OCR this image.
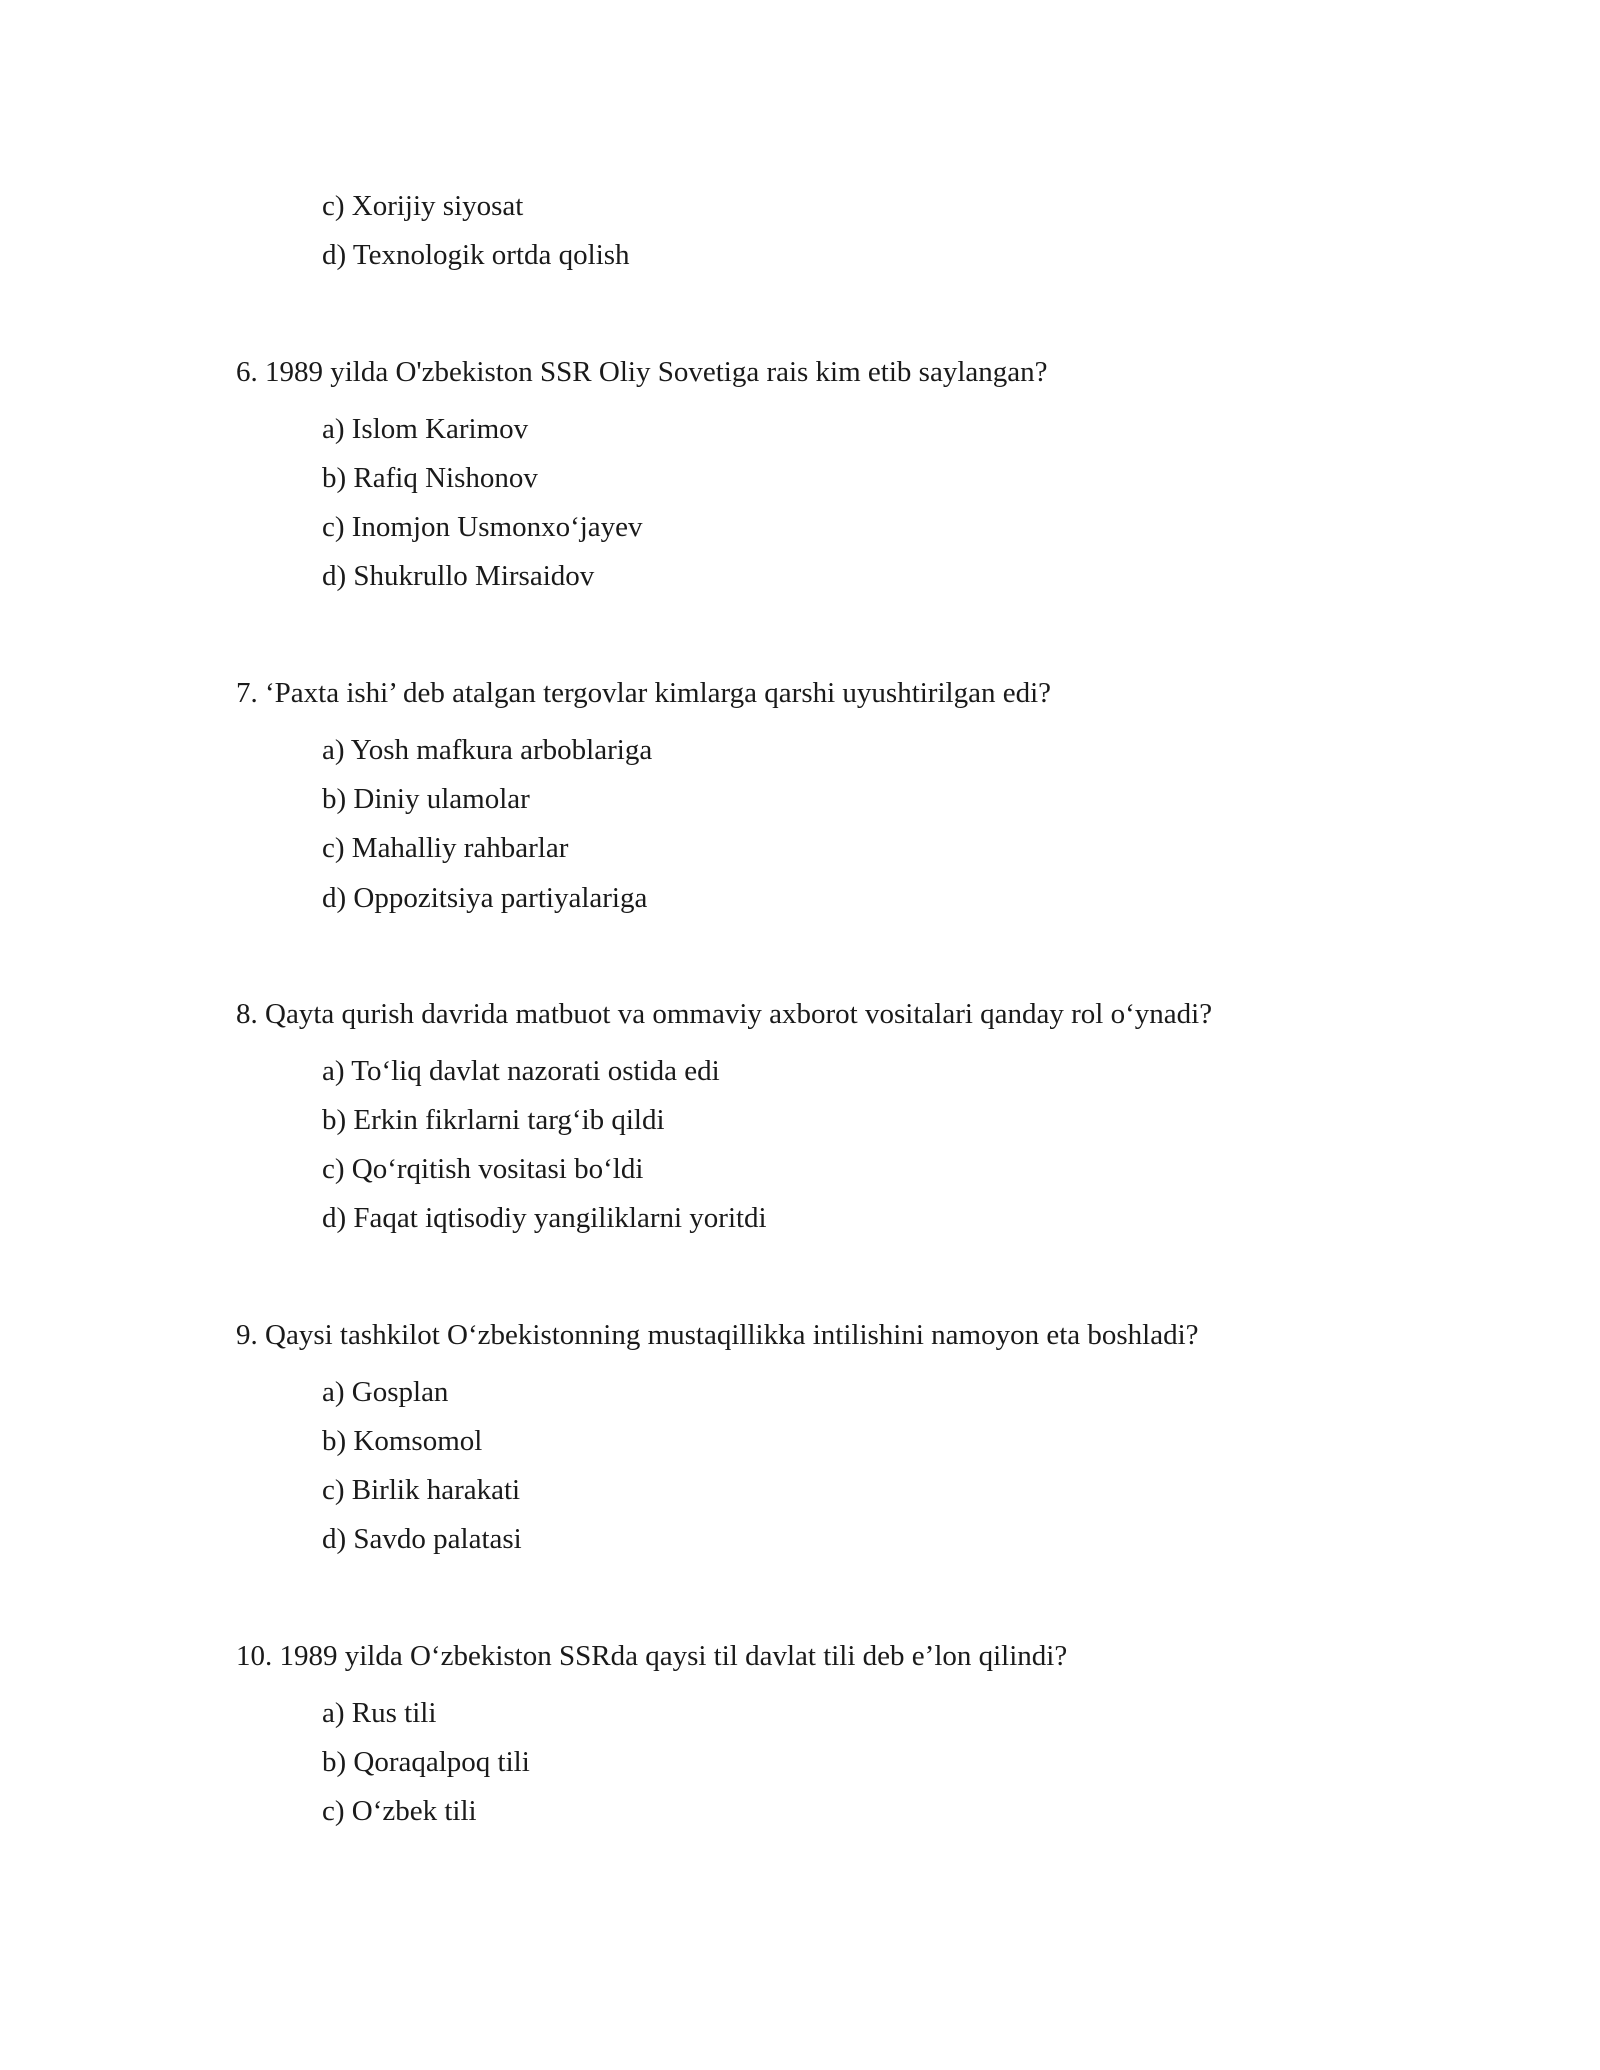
c) Xorijiy siyosat
d) Texnologik ortda qolish
6. 1989 yilda O'zbekiston SSR Oliy Sovetiga rais kim etib saylangan?
a) Islom Karimov
b) Rafiq Nishonov
c) Inomjon Usmonxo‘jayev
d) Shukrullo Mirsaidov
7. ‘Paxta ishi’ deb atalgan tergovlar kimlarga qarshi uyushtirilgan edi?
a) Yosh mafkura arboblariga
b) Diniy ulamolar
c) Mahalliy rahbarlar
d) Oppozitsiya partiyalariga
8. Qayta qurish davrida matbuot va ommaviy axborot vositalari qanday rol o‘ynadi?
a) To‘liq davlat nazorati ostida edi
b) Erkin fikrlarni targ‘ib qildi
c) Qo‘rqitish vositasi bo‘ldi
d) Faqat iqtisodiy yangiliklarni yoritdi
9. Qaysi tashkilot O‘zbekistonning mustaqillikka intilishini namoyon eta boshladi?
a) Gosplan
b) Komsomol
c) Birlik harakati
d) Savdo palatasi
10. 1989 yilda O‘zbekiston SSRda qaysi til davlat tili deb e’lon qilindi?
a) Rus tili
b) Qoraqalpoq tili
c) O‘zbek tili
